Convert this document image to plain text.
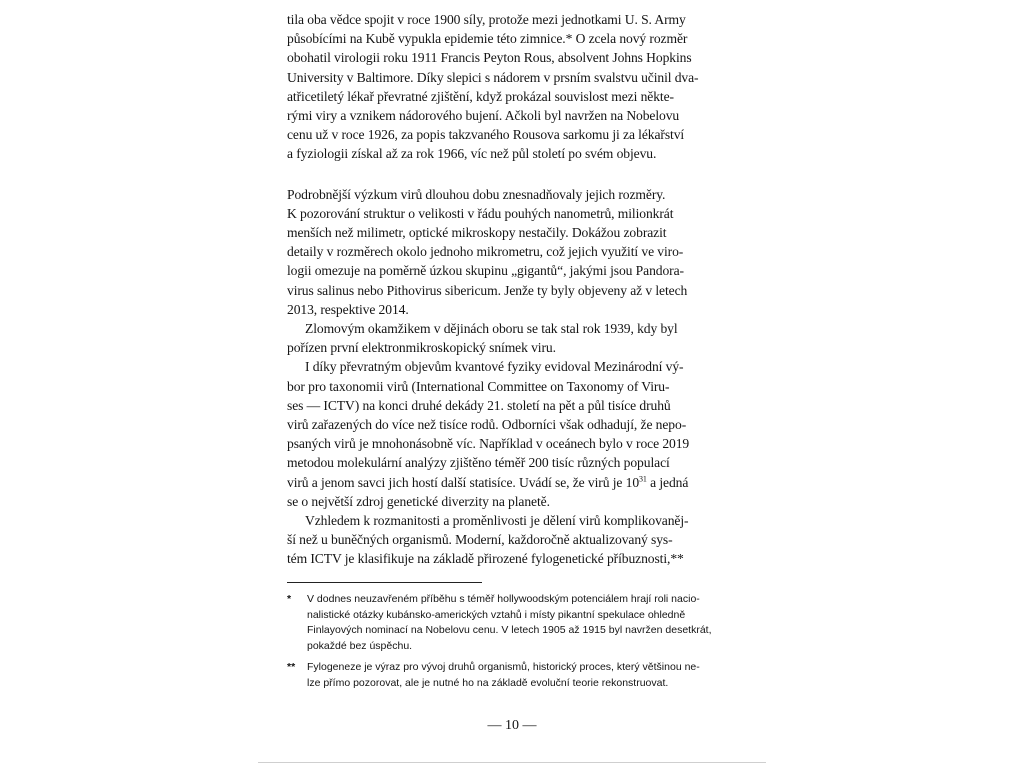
tila oba vědce spojit v roce 1900 síly, protože mezi jednotkami U. S. Army
působícími na Kubě vypukla epidemie této zimnice.* O zcela nový rozměr
obohatil virologii roku 1911 Francis Peyton Rous, absolvent Johns Hopkins
University v Baltimore. Díky slepici s nádorem v prsním svalstvu učinil dva-
atřicetiletý lékař převratné zjištění, když prokázal souvislost mezi někte-
rými viry a vznikem nádorového bujení. Ačkoli byl navržen na Nobelovu
cenu už v roce 1926, za popis takzvaného Rousova sarkomu ji za lékařství
a fyziologii získal až za rok 1966, víc než půl století po svém objevu.

Podrobnější výzkum virů dlouhou dobu znesnadňovaly jejich rozměry.
K pozorování struktur o velikosti v řádu pouhých nanometrů, milionkrát
menších než milimetr, optické mikroskopy nestačily. Dokážou zobrazit
detaily v rozměrech okolo jednoho mikrometru, což jejich využití ve viro-
logii omezuje na poměrně úzkou skupinu „gigantů“, jakými jsou Pandora-
virus salinus nebo Pithovirus sibericum. Jenže ty byly objeveny až v letech
2013, respektive 2014.

Zlomovým okamžikem v dějinách oboru se tak stal rok 1939, kdy byl
pořízen první elektronmikroskopický snímek viru.

I díky převratným objevům kvantové fyziky evidoval Mezinárodní vý-
bor pro taxonomii virů (International Committee on Taxonomy of Viru-
ses — ICTV) na konci druhé dekády 21. století na pět a půl tisíce druhů
virů zařazených do více než tisíce rodů. Odborníci však odhadují, že nepo-
psaných virů je mnohonásobně víc. Například v oceánech bylo v roce 2019
metodou molekulární analýzy zjištěno téměř 200 tisíc různých populací
virů a jenom savci jich hostí další statisíce. Uvádí se, že virů je $10^{31}$ a jedná
se o největší zdroj genetické diverzity na planetě.

Vzhledem k rozmanitosti a proměnlivosti je dělení virů komplikovaněj-
ší než u buněčných organismů. Moderní, každoročně aktualizovaný sys-
tém ICTV je klasifikuje na základě přirozené fylogenetické příbuznosti,**

* V dodnes neuzavřeném příběhu s téměř hollywoodským potenciálem hrají roli nacio-
nalistické otázky kubánsko-amerických vztahů i místy pikantní spekulace ohledně
Finlayových nominací na Nobelovu cenu. V letech 1905 až 1915 byl navržen desetkrát,
pokaždé bez úspěchu.
** Fylogeneze je výraz pro vývoj druhů organismů, historický proces, který většinou ne-
lze přímo pozorovat, ale je nutné ho na základě evoluční teorie rekonstruovat.
— 10 —
